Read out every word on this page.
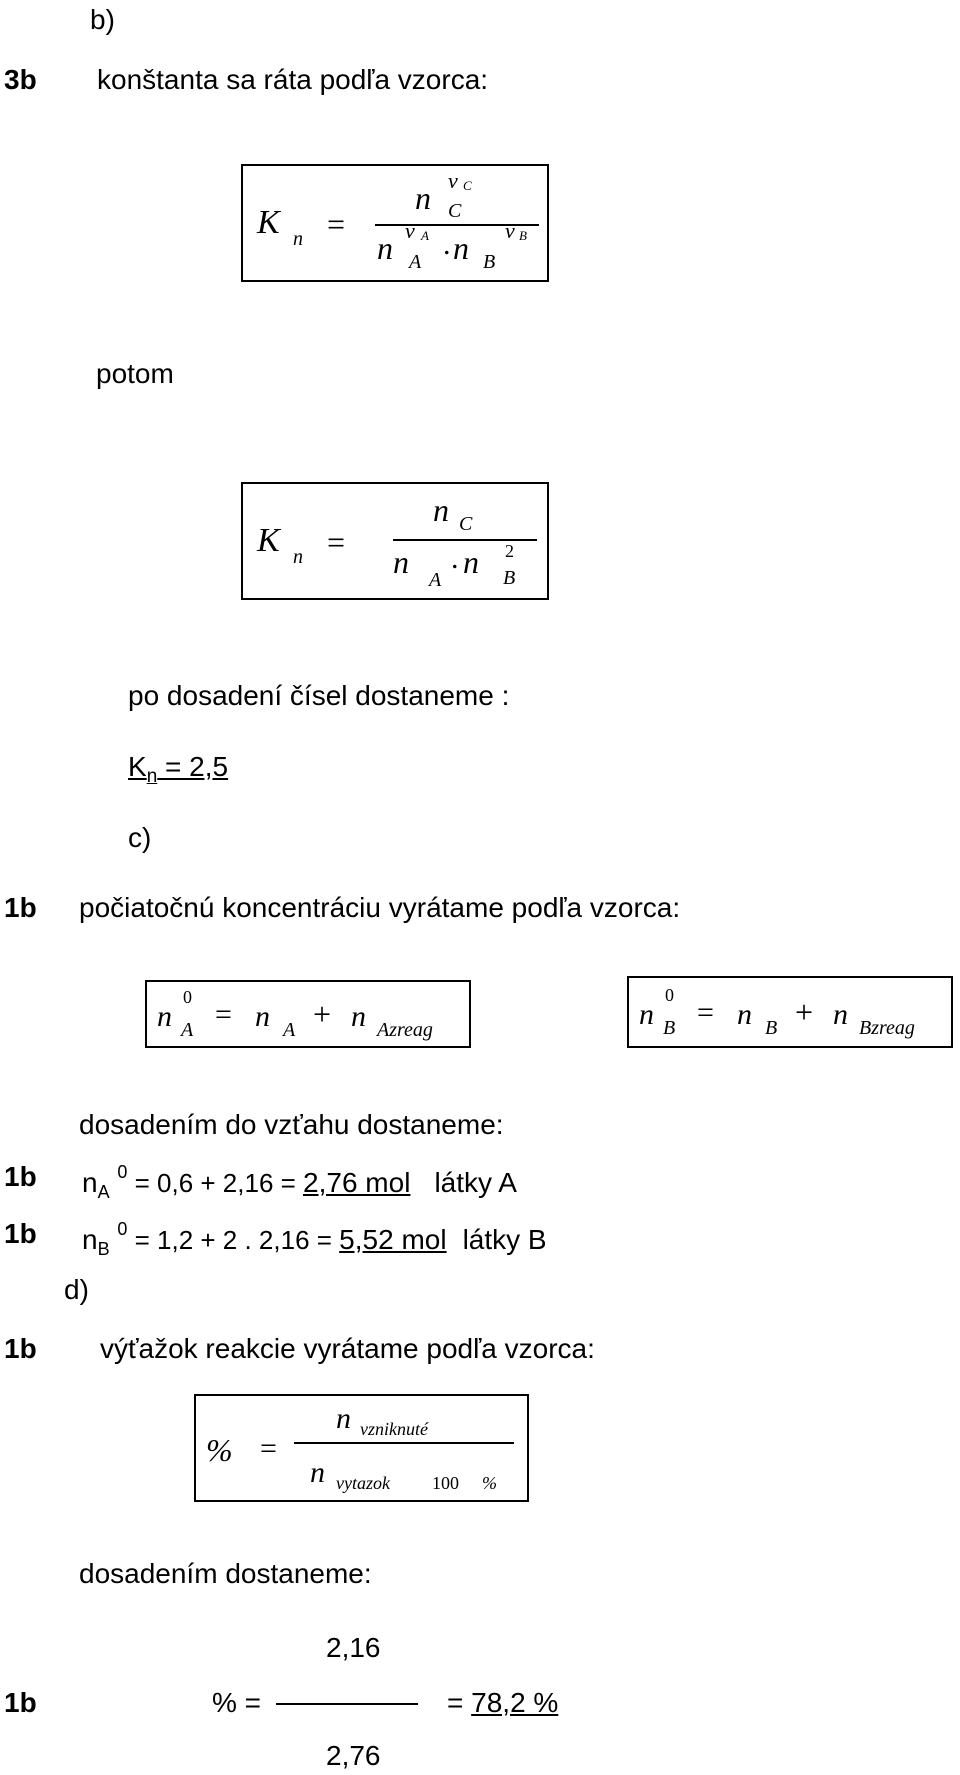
b)
3b konštanta sa ráta podľa vzorca:
K n =
n ν C
C
n ν A
A
. n ν B
B
potom
K n =
n C
n A
. n 2
B
po dosadení čísel dostaneme :
$K_n = 2,5$
c)
1b počiatočnú koncentráciu vyrátame podľa vzorca:
n
0
A = n A + n Azreag	n
0
B = n B + n Bzreag
dosadením do vzťahu dostaneme:
1b $n_A$ $^0$ = 0,6 + 2,16 = 2,76 mol látky A
1b $n_B$ $^0$ = 1,2 + 2 . 2,16 = 5,52 mol látky B
d)
1b výťažok reakcie vyrátame podľa vzorca:
% =
n vzniknuté
n vytazok 100 %
dosadením dostaneme:
2,16
1b	% =	= 78,2 %
2,76
